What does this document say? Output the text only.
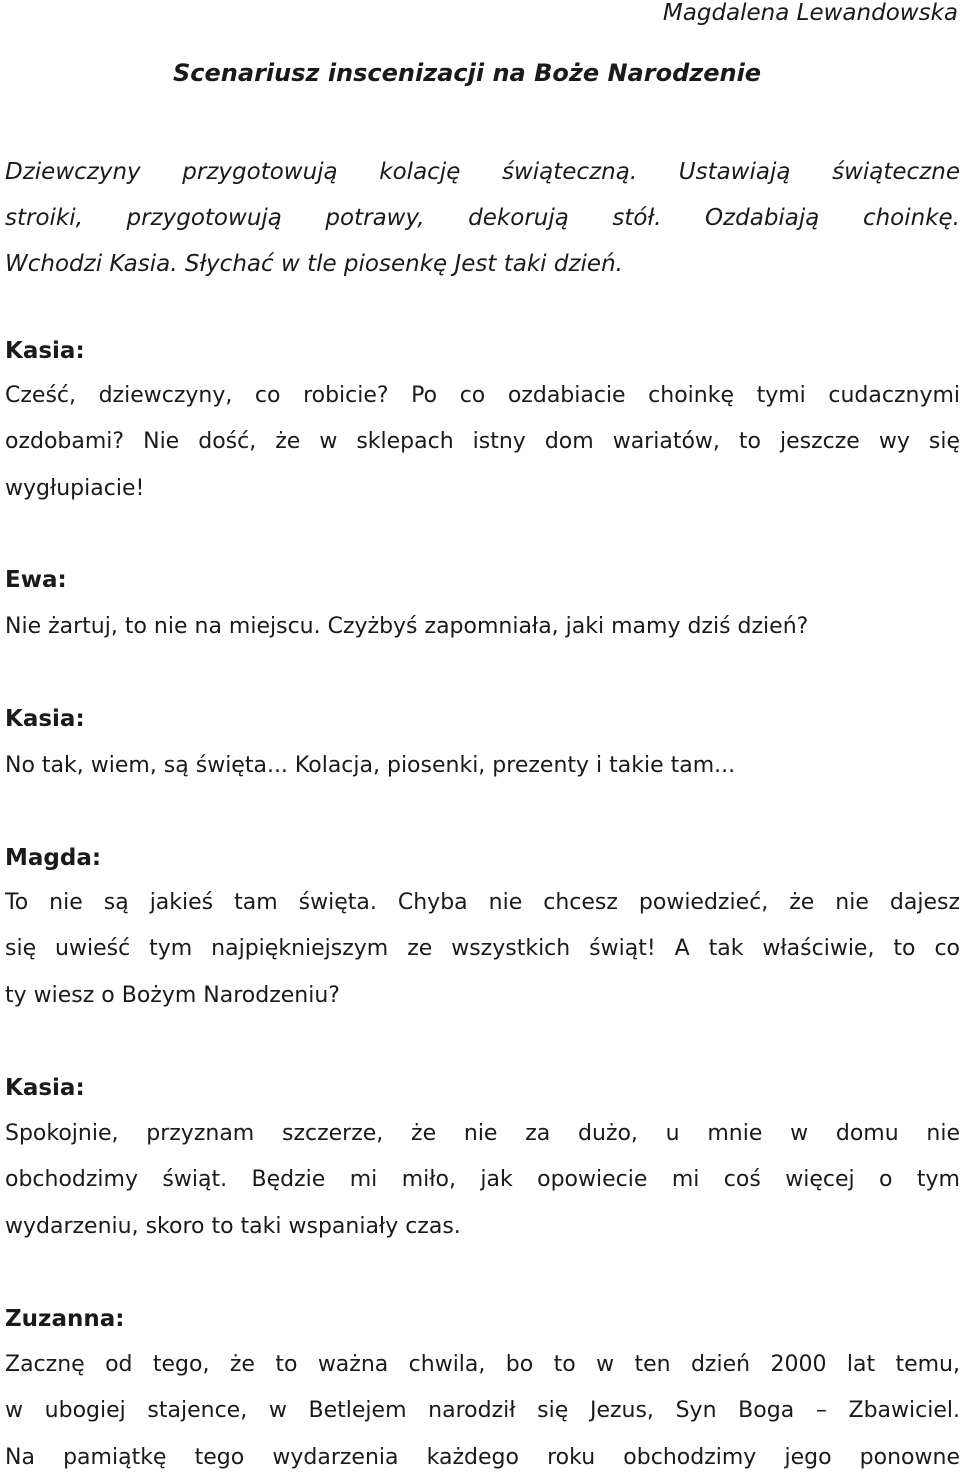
Magdalena Lewandowska
Scenariusz inscenizacji na Boże Narodzenie
Dziewczyny przygotowują kolację świąteczną. Ustawiają świąteczne
stroiki, przygotowują potrawy, dekorują stół. Ozdabiają choinkę.
Wchodzi Kasia. Słychać w tle piosenkę Jest taki dzień.
Kasia:
Cześć, dziewczyny, co robicie? Po co ozdabiacie choinkę tymi cudacznymi
ozdobami? Nie dość, że w sklepach istny dom wariatów, to jeszcze wy się
wygłupiacie!
Ewa:
Nie żartuj, to nie na miejscu. Czyżbyś zapomniała, jaki mamy dziś dzień?
Kasia:
No tak, wiem, są święta... Kolacja, piosenki, prezenty i takie tam...
Magda:
To nie są jakieś tam święta. Chyba nie chcesz powiedzieć, że nie dajesz
się uwieść tym najpiękniejszym ze wszystkich świąt! A tak właściwie, to co
ty wiesz o Bożym Narodzeniu?
Kasia:
Spokojnie, przyznam szczerze, że nie za dużo, u mnie w domu nie
obchodzimy świąt. Będzie mi miło, jak opowiecie mi coś więcej o tym
wydarzeniu, skoro to taki wspaniały czas.
Zuzanna:
Zacznę od tego, że to ważna chwila, bo to w ten dzień 2000 lat temu,
w ubogiej stajence, w Betlejem narodził się Jezus, Syn Boga – Zbawiciel.
Na pamiątkę tego wydarzenia każdego roku obchodzimy jego ponowne
